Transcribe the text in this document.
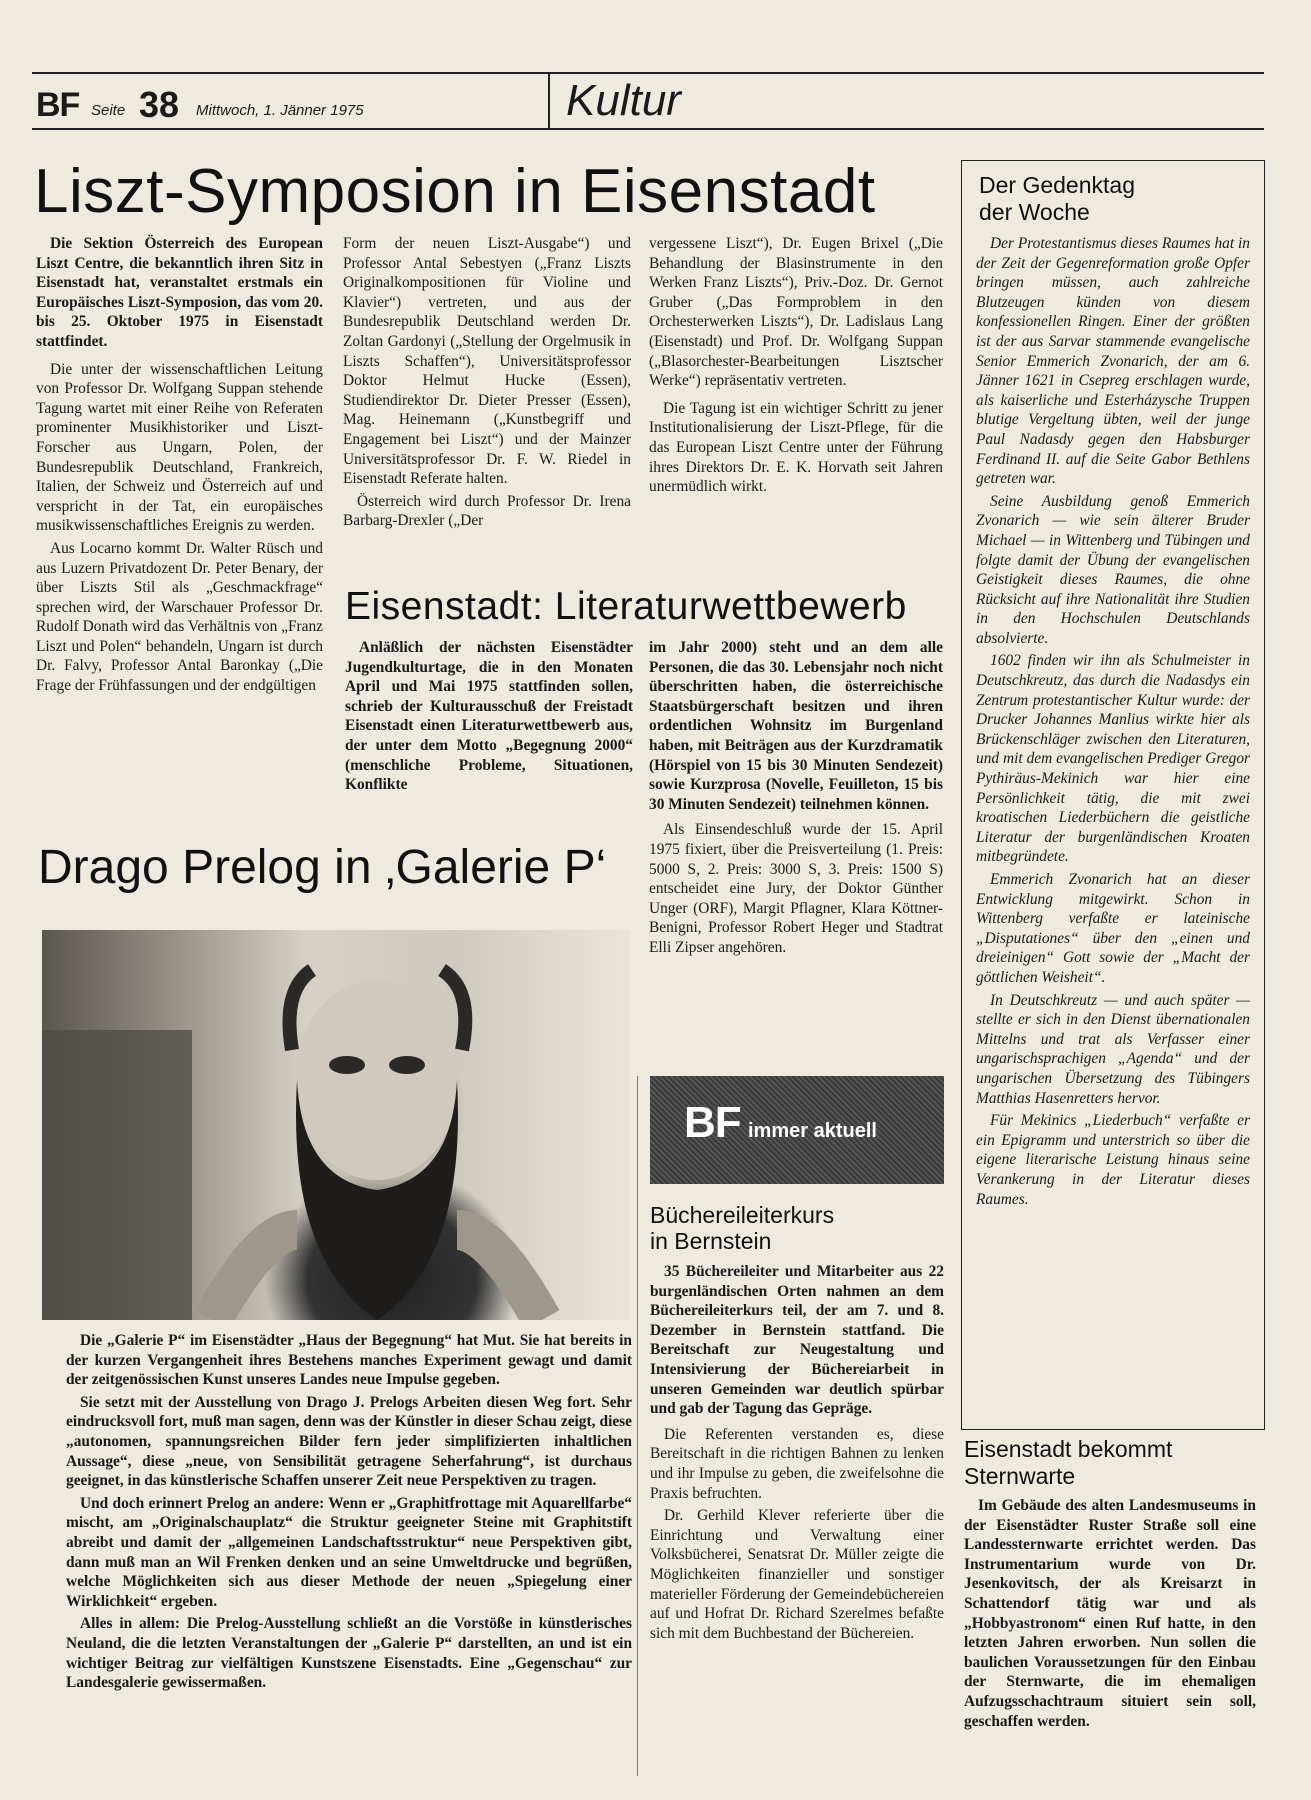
BF Seite 38 Mittwoch, 1. Jänner 1975	Kultur
Liszt-Symposion in Eisenstadt

Die Sektion Österreich des European Liszt Centre, die bekanntlich ihren Sitz in Eisenstadt hat, veranstaltet erstmals ein Europäisches Liszt-Symposion, das vom 20. bis 25. Oktober 1975 in Eisenstadt stattfindet.

Die unter der wissenschaftlichen Leitung von Professor Dr. Wolfgang Suppan stehende Tagung wartet mit einer Reihe von Referaten prominenter Musikhistoriker und Liszt-Forscher aus Ungarn, Polen, der Bundesrepublik Deutschland, Frankreich, Italien, der Schweiz und Österreich auf und verspricht in der Tat, ein europäisches musikwissenschaftliches Ereignis zu werden.

Aus Locarno kommt Dr. Walter Rüsch und aus Luzern Privatdozent Dr. Peter Benary, der über Liszts Stil als „Geschmackfrage“ sprechen wird, der Warschauer Professor Dr. Rudolf Donath wird das Verhältnis von „Franz Liszt und Polen“ behandeln, Ungarn ist durch Dr. Falvy, Professor Antal Baronkay („Die Frage der Frühfassungen und der endgültigen

Form der neuen Liszt-Ausgabe“) und Professor Antal Sebestyen („Franz Liszts Originalkompositionen für Violine und Klavier“) vertreten, und aus der Bundesrepublik Deutschland werden Dr. Zoltan Gardonyi („Stellung der Orgelmusik in Liszts Schaffen“), Universitätsprofessor Doktor Helmut Hucke (Essen), Studiendirektor Dr. Dieter Presser (Essen), Mag. Heinemann („Kunstbegriff und Engagement bei Liszt“) und der Mainzer Universitätsprofessor Dr. F. W. Riedel in Eisenstadt Referate halten.

Österreich wird durch Professor Dr. Irena Barbarg-Drexler („Der

vergessene Liszt“), Dr. Eugen Brixel („Die Behandlung der Blasinstrumente in den Werken Franz Liszts“), Priv.-Doz. Dr. Gernot Gruber („Das Formproblem in den Orchesterwerken Liszts“), Dr. Ladislaus Lang (Eisenstadt) und Prof. Dr. Wolfgang Suppan („Blasorchester-Bearbeitungen Lisztscher Werke“) repräsentativ vertreten.

Die Tagung ist ein wichtiger Schritt zu jener Institutionalisierung der Liszt-Pflege, für die das European Liszt Centre unter der Führung ihres Direktors Dr. E. K. Horvath seit Jahren unermüdlich wirkt.

Eisenstadt: Literaturwettbewerb

Anläßlich der nächsten Eisenstädter Jugendkulturtage, die in den Monaten April und Mai 1975 stattfinden sollen, schrieb der Kulturausschuß der Freistadt Eisenstadt einen Literaturwettbewerb aus, der unter dem Motto „Begegnung 2000“ (menschliche Probleme, Situationen, Konflikte

im Jahr 2000) steht und an dem alle Personen, die das 30. Lebensjahr noch nicht überschritten haben, die österreichische Staatsbürgerschaft besitzen und ihren ordentlichen Wohnsitz im Burgenland haben, mit Beiträgen aus der Kurzdramatik (Hörspiel von 15 bis 30 Minuten Sendezeit) sowie Kurzprosa (Novelle, Feuilleton, 15 bis 30 Minuten Sendezeit) teilnehmen können.

Als Einsendeschluß wurde der 15. April 1975 fixiert, über die Preisverteilung (1. Preis: 5000 S, 2. Preis: 3000 S, 3. Preis: 1500 S) entscheidet eine Jury, der Doktor Günther Unger (ORF), Margit Pflagner, Klara Köttner-Benigni, Professor Robert Heger und Stadtrat Elli Zipser angehören.

Drago Prelog in ‚Galerie P‘

Die „Galerie P“ im Eisenstädter „Haus der Begegnung“ hat Mut. Sie hat bereits in der kurzen Vergangenheit ihres Bestehens manches Experiment gewagt und damit der zeitgenössischen Kunst unseres Landes neue Impulse gegeben.

Sie setzt mit der Ausstellung von Drago J. Prelogs Arbeiten diesen Weg fort. Sehr eindrucksvoll fort, muß man sagen, denn was der Künstler in dieser Schau zeigt, diese „autonomen, spannungsreichen Bilder fern jeder simplifizierten inhaltlichen Aussage“, diese „neue, von Sensibilität getragene Seherfahrung“, ist durchaus geeignet, in das künstlerische Schaffen unserer Zeit neue Perspektiven zu tragen.

Und doch erinnert Prelog an andere: Wenn er „Graphitfrottage mit Aquarellfarbe“ mischt, am „Originalschauplatz“ die Struktur geeigneter Steine mit Graphitstift abreibt und damit der „allgemeinen Landschaftsstruktur“ neue Perspektiven gibt, dann muß man an Wil Frenken denken und an seine Umweltdrucke und begrüßen, welche Möglichkeiten sich aus dieser Methode der neuen „Spiegelung einer Wirklichkeit“ ergeben.

Alles in allem: Die Prelog-Ausstellung schließt an die Vorstöße in künstlerisches Neuland, die die letzten Veranstaltungen der „Galerie P“ darstellten, an und ist ein wichtiger Beitrag zur vielfältigen Kunstszene Eisenstadts. Eine „Gegenschau“ zur Landesgalerie gewissermaßen.

BF immer aktuell
Büchereileiterkurs
in Bernstein

35 Büchereileiter und Mitarbeiter aus 22 burgenländischen Orten nahmen an dem Büchereileiterkurs teil, der am 7. und 8. Dezember in Bernstein stattfand. Die Bereitschaft zur Neugestaltung und Intensivierung der Büchereiarbeit in unseren Gemeinden war deutlich spürbar und gab der Tagung das Gepräge.

Die Referenten verstanden es, diese Bereitschaft in die richtigen Bahnen zu lenken und ihr Impulse zu geben, die zweifelsohne die Praxis befruchten.

Dr. Gerhild Klever referierte über die Einrichtung und Verwaltung einer Volksbücherei, Senatsrat Dr. Müller zeigte die Möglichkeiten finanzieller und sonstiger materieller Förderung der Gemeindebüchereien auf und Hofrat Dr. Richard Szerelmes befaßte sich mit dem Buchbestand der Büchereien.

Der Gedenktag
der Woche

Der Protestantismus dieses Raumes hat in der Zeit der Gegenreformation große Opfer bringen müssen, auch zahlreiche Blutzeugen künden von diesem konfessionellen Ringen. Einer der größten ist der aus Sarvar stammende evangelische Senior Emmerich Zvonarich, der am 6. Jänner 1621 in Csepreg erschlagen wurde, als kaiserliche und Esterházysche Truppen blutige Vergeltung übten, weil der junge Paul Nadasdy gegen den Habsburger Ferdinand II. auf die Seite Gabor Bethlens getreten war.

Seine Ausbildung genoß Emmerich Zvonarich — wie sein älterer Bruder Michael — in Wittenberg und Tübingen und folgte damit der Übung der evangelischen Geistigkeit dieses Raumes, die ohne Rücksicht auf ihre Nationalität ihre Studien in den Hochschulen Deutschlands absolvierte.

1602 finden wir ihn als Schulmeister in Deutschkreutz, das durch die Nadasdys ein Zentrum protestantischer Kultur wurde: der Drucker Johannes Manlius wirkte hier als Brückenschläger zwischen den Literaturen, und mit dem evangelischen Prediger Gregor Pythiräus-Mekinich war hier eine Persönlichkeit tätig, die mit zwei kroatischen Liederbüchern die geistliche Literatur der burgenländischen Kroaten mitbegründete.

Emmerich Zvonarich hat an dieser Entwicklung mitgewirkt. Schon in Wittenberg verfaßte er lateinische „Disputationes“ über den „einen und dreieinigen“ Gott sowie der „Macht der göttlichen Weisheit“.

In Deutschkreutz — und auch später — stellte er sich in den Dienst übernationalen Mittelns und trat als Verfasser einer ungarischsprachigen „Agenda“ und der ungarischen Übersetzung des Tübingers Matthias Hasenretters hervor.

Für Mekinics „Liederbuch“ verfaßte er ein Epigramm und unterstrich so über die eigene literarische Leistung hinaus seine Verankerung in der Literatur dieses Raumes.

Eisenstadt bekommt
Sternwarte

Im Gebäude des alten Landesmuseums in der Eisenstädter Ruster Straße soll eine Landessternwarte errichtet werden. Das Instrumentarium wurde von Dr. Jesenkovitsch, der als Kreisarzt in Schattendorf tätig war und als „Hobbyastronom“ einen Ruf hatte, in den letzten Jahren erworben. Nun sollen die baulichen Voraussetzungen für den Einbau der Sternwarte, die im ehemaligen Aufzugsschachtraum situiert sein soll, geschaffen werden.
